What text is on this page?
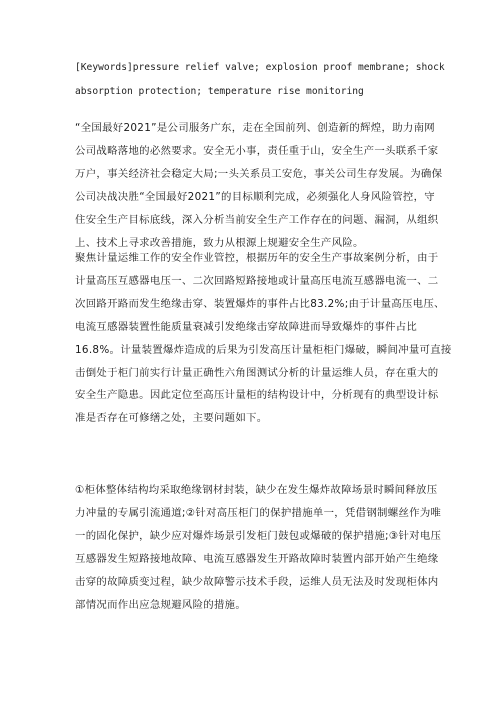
[Keywords]pressure relief valve; explosion proof membrane; shock
absorption protection; temperature rise monitoring
“全国最好2021”是公司服务广东，走在全国前列、创造新的辉煌，助力南网
公司战略落地的必然要求。安全无小事，责任重于山，安全生产一头联系千家
万户，事关经济社会稳定大局;一头关系员工安危，事关公司生存发展。为确保
公司决战决胜“全国最好2021”的目标顺利完成，必须强化人身风险管控，守
住安全生产目标底线，深入分析当前安全生产工作存在的问题、漏洞，从组织
上、技术上寻求改善措施，致力从根源上规避安全生产风险。
聚焦计量运维工作的安全作业管控，根据历年的安全生产事故案例分析，由于
计量高压互感器电压一、二次回路短路接地或计量高压电流互感器电流一、二
次回路开路而发生绝缘击穿、装置爆炸的事件占比83.2%;由于计量高压电压、
电流互感器装置性能质量衰减引发绝缘击穿故障进而导致爆炸的事件占比
16.8%。计量装置爆炸造成的后果为引发高压计量柜柜门爆破，瞬间冲量可直接
击倒处于柜门前实行计量正确性六角图测试分析的计量运维人员，存在重大的
安全生产隐患。因此定位至高压计量柜的结构设计中，分析现有的典型设计标
准是否存在可修缮之处，主要问题如下。
①柜体整体结构均采取绝缘钢材封装，缺少在发生爆炸故障场景时瞬间释放压
力冲量的专属引流通道;②针对高压柜门的保护措施单一，凭借钢制螺丝作为唯
一的固化保护，缺少应对爆炸场景引发柜门鼓包或爆破的保护措施;③针对电压
互感器发生短路接地故障、电流互感器发生开路故障时装置内部开始产生绝缘
击穿的故障质变过程，缺少故障警示技术手段，运维人员无法及时发现柜体内
部情况而作出应急规避风险的措施。
